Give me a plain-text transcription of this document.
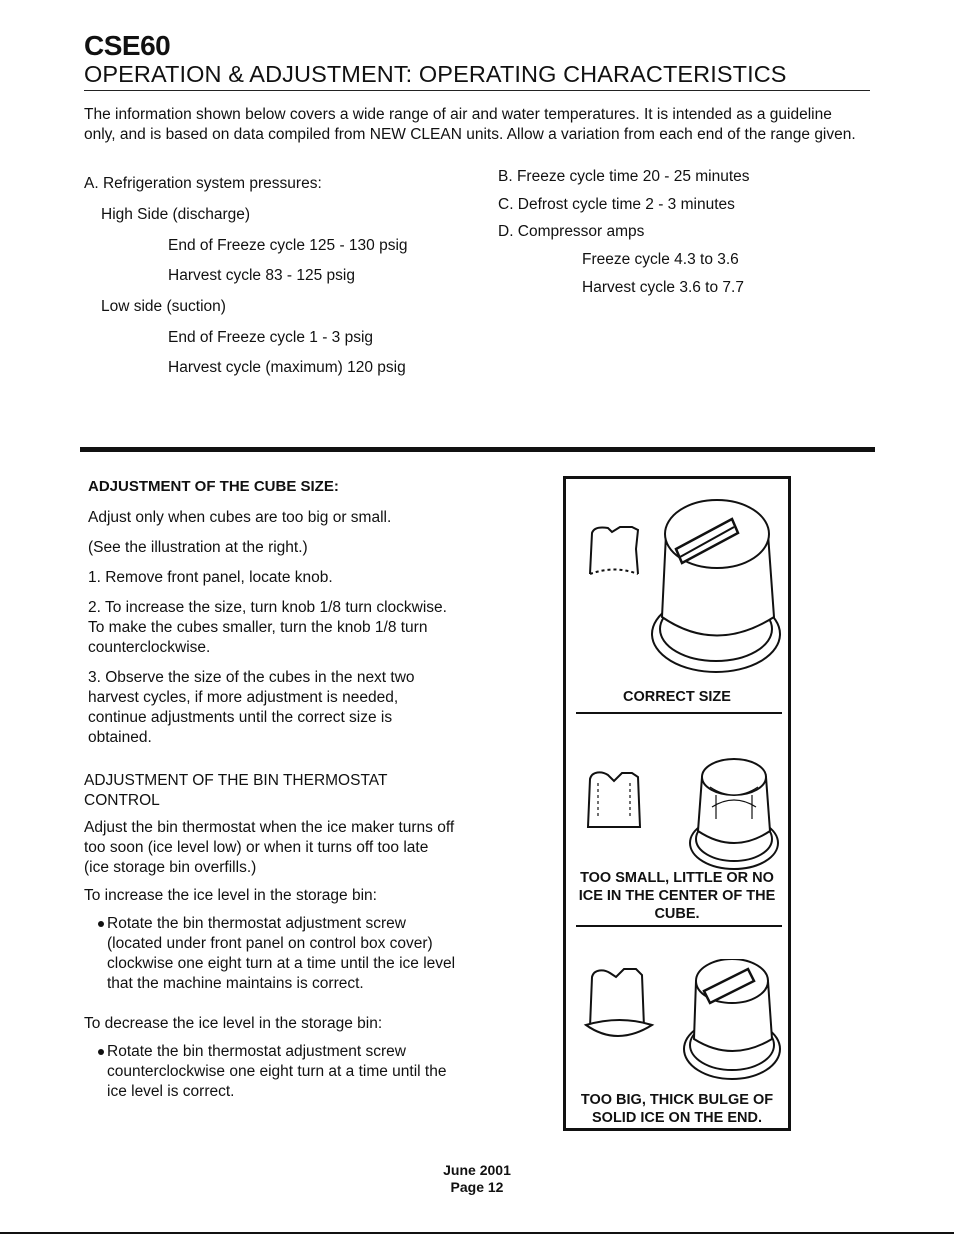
CSE60
OPERATION & ADJUSTMENT: OPERATING CHARACTERISTICS
The information shown below covers a wide range of air and water temperatures. It is intended as a guideline only, and is based on data compiled from NEW CLEAN units. Allow a variation from each end of the range given.
A. Refrigeration system pressures:
High Side (discharge)
End of Freeze cycle 125 - 130 psig
Harvest cycle 83 - 125 psig
Low side (suction)
End of Freeze cycle 1 - 3 psig
Harvest cycle (maximum) 120 psig
B. Freeze cycle time 20 - 25 minutes
C. Defrost cycle time 2 - 3 minutes
D. Compressor amps
Freeze cycle 4.3 to 3.6
Harvest cycle 3.6 to 7.7
ADJUSTMENT OF THE CUBE SIZE:
Adjust only when cubes are too big or small.
(See the illustration at the right.)
1. Remove front panel, locate knob.
2. To increase the size, turn knob 1/8 turn clockwise. To make the cubes smaller, turn the knob 1/8 turn counterclockwise.
3. Observe the size of the cubes in the next two harvest cycles, if more adjustment is needed, continue adjustments until the correct size is obtained.
ADJUSTMENT OF THE BIN THERMOSTAT CONTROL
Adjust the bin thermostat when the ice maker turns off too soon (ice level low) or when it turns off too late (ice storage bin overfills.)
To increase the ice level in the storage bin:
Rotate the bin thermostat adjustment screw (located under front panel on control box cover) clockwise one eight turn at a time until the ice level that the machine maintains is correct.
To decrease the ice level in the storage bin:
Rotate the bin thermostat adjustment screw counterclockwise one eight turn at a time until the ice level is correct.
CORRECT SIZE
TOO SMALL, LITTLE OR NO ICE IN THE CENTER OF THE CUBE.
TOO BIG, THICK BULGE OF SOLID ICE ON THE END.
June 2001
Page 12
